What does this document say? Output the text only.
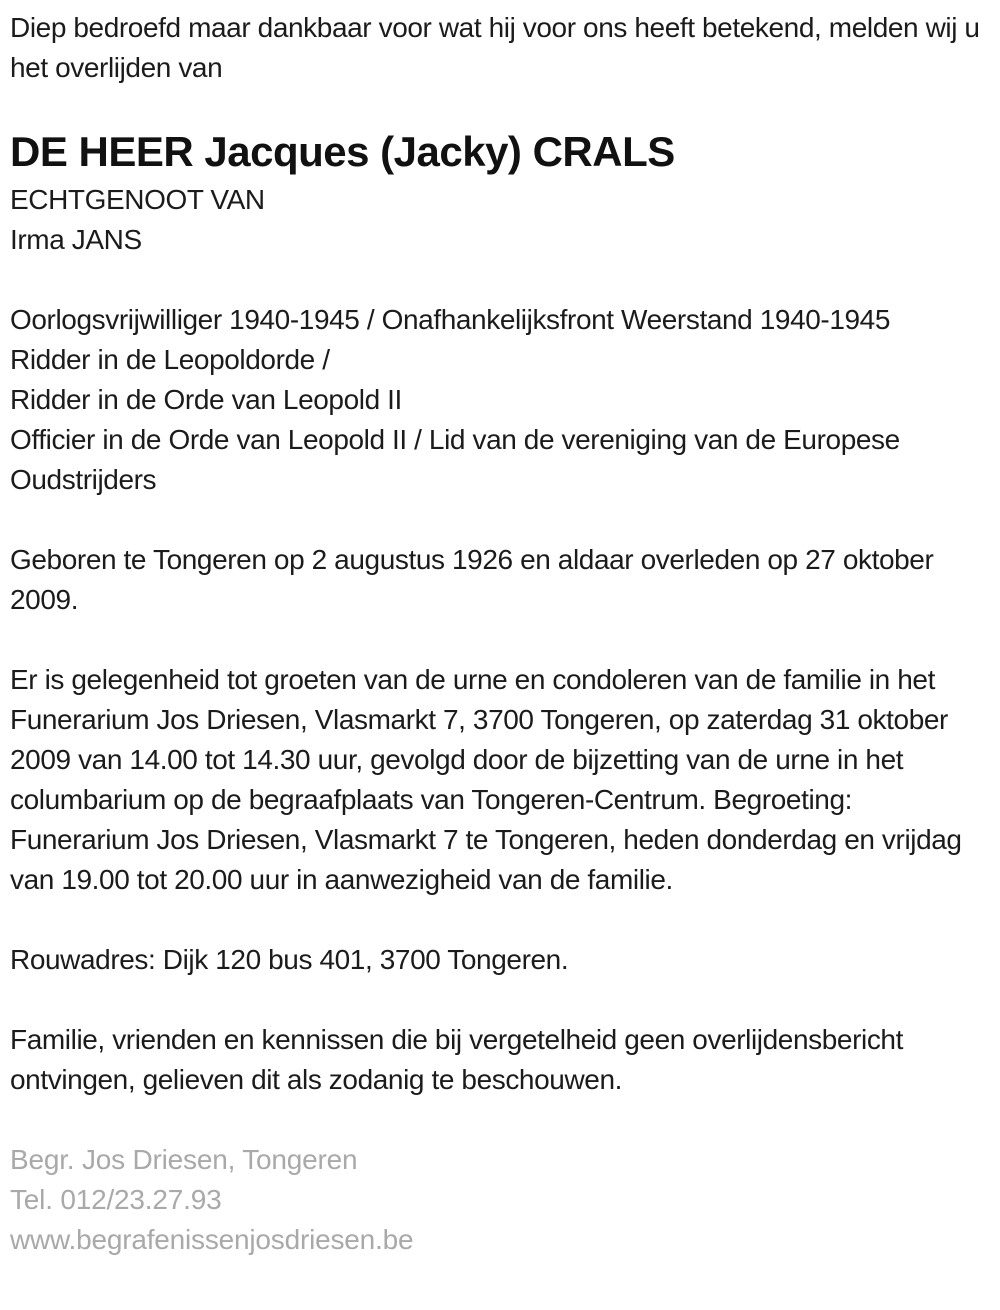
Diep bedroefd maar dankbaar voor wat hij voor ons heeft betekend, melden wij u het overlijden van

DE HEER Jacques (Jacky) CRALS

ECHTGENOOT VAN

Irma JANS

Oorlogsvrijwilliger 1940-1945 / Onafhankelijksfront Weerstand 1940-1945

Ridder in de Leopoldorde /

Ridder in de Orde van Leopold II

Officier in de Orde van Leopold II / Lid van de vereniging van de Europese Oudstrijders

Geboren te Tongeren op 2 augustus 1926 en aldaar overleden op 27 oktober 2009.

Er is gelegenheid tot groeten van de urne en condoleren van de familie in het Funerarium Jos Driesen, Vlasmarkt 7, 3700 Tongeren, op zaterdag 31 oktober 2009 van 14.00 tot 14.30 uur, gevolgd door de bijzetting van de urne in het columbarium op de begraafplaats van Tongeren-Centrum. Begroeting: Funerarium Jos Driesen, Vlasmarkt 7 te Tongeren, heden donderdag en vrijdag van 19.00 tot 20.00 uur in aanwezigheid van de familie.

Rouwadres: Dijk 120 bus 401, 3700 Tongeren.

Familie, vrienden en kennissen die bij vergetelheid geen overlijdensbericht ontvingen, gelieven dit als zodanig te beschouwen.

Begr. Jos Driesen, Tongeren

Tel. 012/23.27.93

www.begrafenissenjosdriesen.be
